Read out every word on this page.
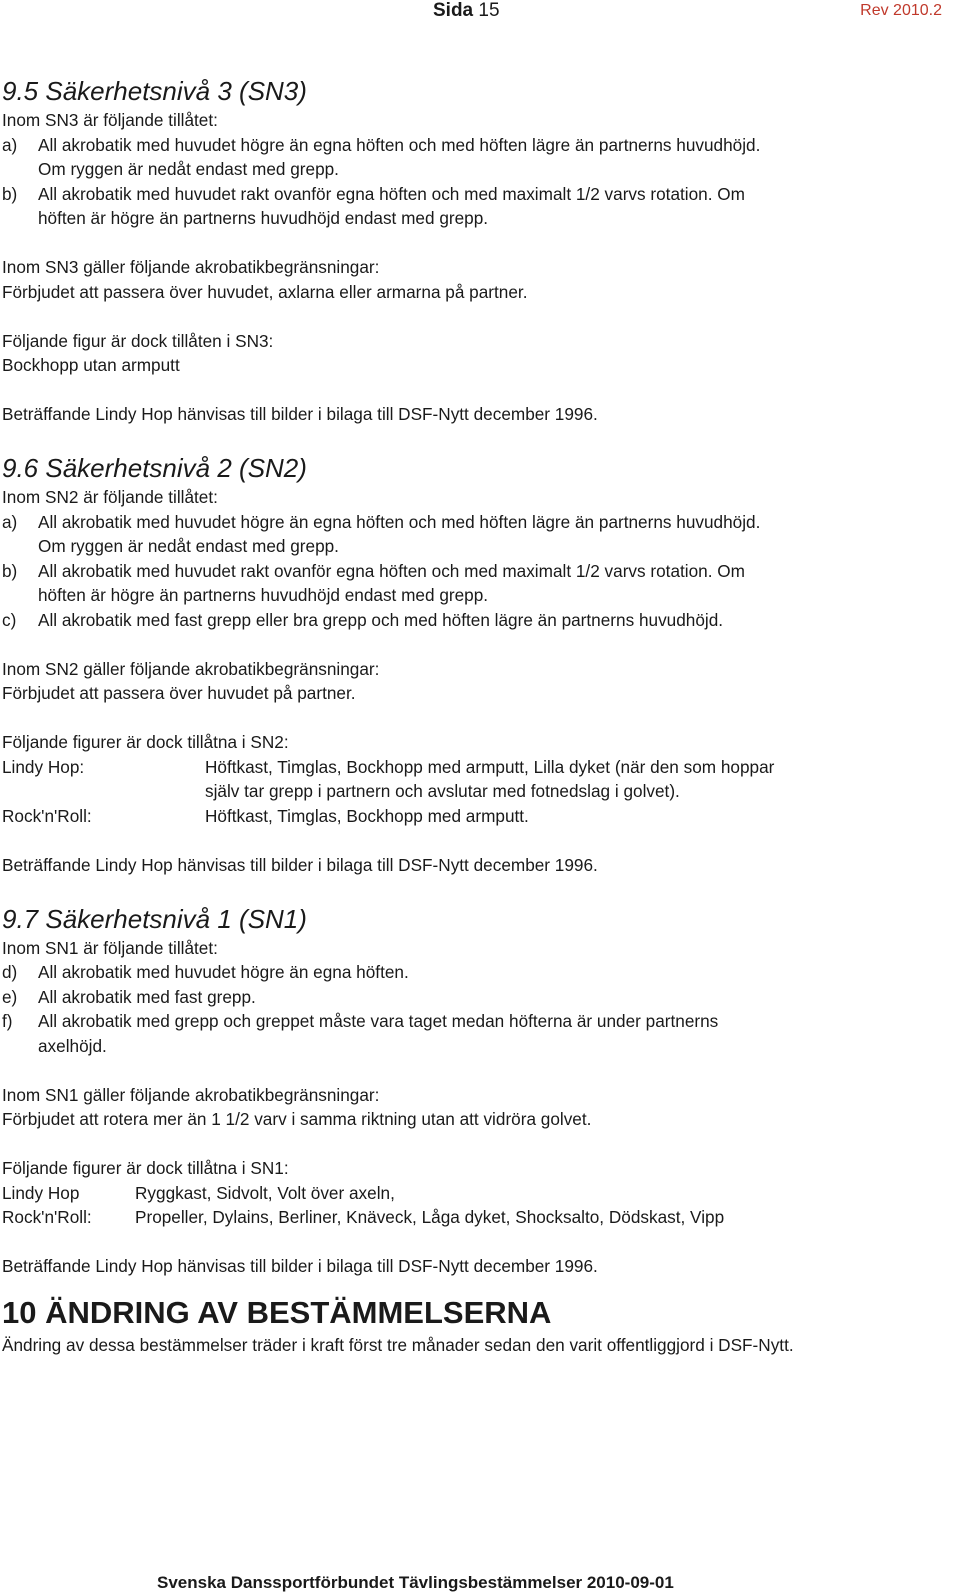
Sida 15	Rev 2010.2

9.5 Säkerhetsnivå 3 (SN3)

Inom SN3 är följande tillåtet:

a)	All akrobatik med huvudet högre än egna höften och med höften lägre än partnerns huvudhöjd.
Om ryggen är nedåt endast med grepp.
b)	All akrobatik med huvudet rakt ovanför egna höften och med maximalt 1/2 varvs rotation. Om
höften är högre än partnerns huvudhöjd endast med grepp.

Inom SN3 gäller följande akrobatikbegränsningar:

Förbjudet att passera över huvudet, axlarna eller armarna på partner.

Följande figur är dock tillåten i SN3:

Bockhopp utan armputt

Beträffande Lindy Hop hänvisas till bilder i bilaga till DSF-Nytt december 1996.

9.6 Säkerhetsnivå 2 (SN2)

Inom SN2 är följande tillåtet:

a)	All akrobatik med huvudet högre än egna höften och med höften lägre än partnerns huvudhöjd.
Om ryggen är nedåt endast med grepp.
b)	All akrobatik med huvudet rakt ovanför egna höften och med maximalt 1/2 varvs rotation. Om
höften är högre än partnerns huvudhöjd endast med grepp.
c)	All akrobatik med fast grepp eller bra grepp och med höften lägre än partnerns huvudhöjd.

Inom SN2 gäller följande akrobatikbegränsningar:

Förbjudet att passera över huvudet på partner.

Följande figurer är dock tillåtna i SN2:

Lindy Hop:	Höftkast, Timglas, Bockhopp med armputt, Lilla dyket (när den som hoppar
själv tar grepp i partnern och avslutar med fotnedslag i golvet).
Rock'n'Roll:	Höftkast, Timglas, Bockhopp med armputt.

Beträffande Lindy Hop hänvisas till bilder i bilaga till DSF-Nytt december 1996.

9.7 Säkerhetsnivå 1 (SN1)

Inom SN1 är följande tillåtet:

d)	All akrobatik med huvudet högre än egna höften.
e)	All akrobatik med fast grepp.
f)	All akrobatik med grepp och greppet måste vara taget medan höfterna är under partnerns
axelhöjd.

Inom SN1 gäller följande akrobatikbegränsningar:

Förbjudet att rotera mer än 1 1/2 varv i samma riktning utan att vidröra golvet.

Följande figurer är dock tillåtna i SN1:

Lindy Hop	Ryggkast, Sidvolt, Volt över axeln,
Rock'n'Roll:	Propeller, Dylains, Berliner, Knäveck, Låga dyket, Shocksalto, Dödskast, Vipp

Beträffande Lindy Hop hänvisas till bilder i bilaga till DSF-Nytt december 1996.

10 ÄNDRING AV BESTÄMMELSERNA

Ändring av dessa bestämmelser träder i kraft först tre månader sedan den varit offentliggjord i DSF-Nytt.

Svenska Danssportförbundet Tävlingsbestämmelser 2010-09-01
